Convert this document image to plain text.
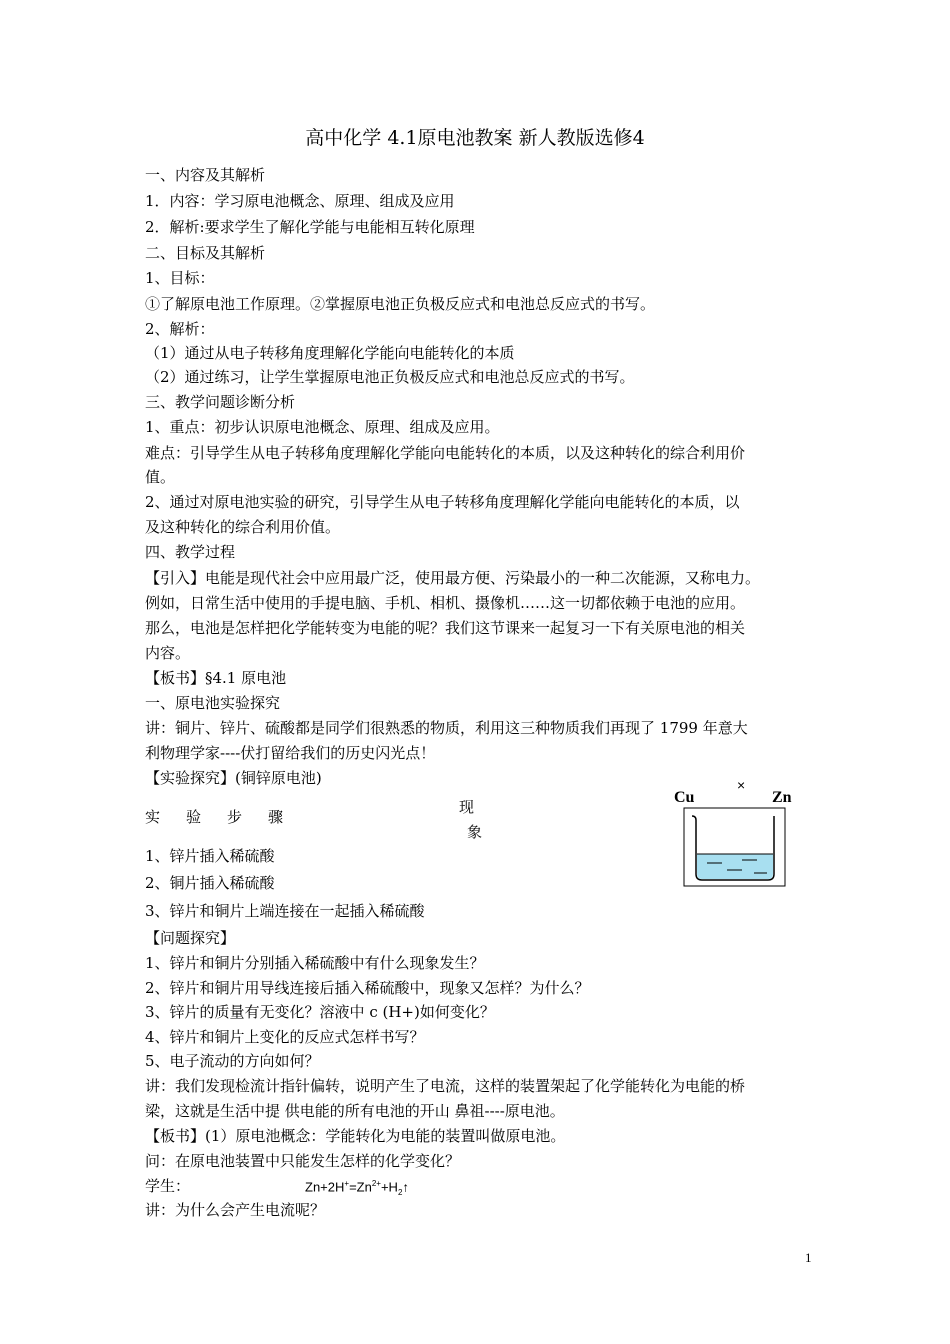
高中化学 4.1原电池教案 新人教版选修4
一、内容及其解析
1．内容：学习原电池概念、原理、组成及应用
2．解析:要求学生了解化学能与电能相互转化原理
二、目标及其解析
1、目标：
①了解原电池工作原理。②掌握原电池正负极反应式和电池总反应式的书写。
2、解析：
（1）通过从电子转移角度理解化学能向电能转化的本质
（2）通过练习，让学生掌握原电池正负极反应式和电池总反应式的书写。
三、教学问题诊断分析
1、重点：初步认识原电池概念、原理、组成及应用。
难点：引导学生从电子转移角度理解化学能向电能转化的本质，以及这种转化的综合利用价
值。
2、通过对原电池实验的研究，引导学生从电子转移角度理解化学能向电能转化的本质，以
及这种转化的综合利用价值。
四、教学过程
【引入】电能是现代社会中应用最广泛，使用最方便、污染最小的一种二次能源，又称电力。
例如，日常生活中使用的手提电脑、手机、相机、摄像机……这一切都依赖于电池的应用。
那么，电池是怎样把化学能转变为电能的呢？我们这节课来一起复习一下有关原电池的相关
内容。
【板书】§4.1 原电池
一、原电池实验探究
讲：铜片、锌片、硫酸都是同学们很熟悉的物质，利用这三种物质我们再现了 1799 年意大
利物理学家----伏打留给我们的历史闪光点！
【实验探究】(铜锌原电池)
实 验 步 骤
现
象
1、锌片插入稀硫酸
2、铜片插入稀硫酸
3、锌片和铜片上端连接在一起插入稀硫酸
×
Cu	Zn
【问题探究】
1、锌片和铜片分别插入稀硫酸中有什么现象发生？
2、锌片和铜片用导线连接后插入稀硫酸中，现象又怎样？为什么？
3、锌片的质量有无变化？溶液中 c (H+)如何变化？
4、锌片和铜片上变化的反应式怎样书写？
5、电子流动的方向如何？
讲：我们发现检流计指针偏转，说明产生了电流，这样的装置架起了化学能转化为电能的桥
梁，这就是生活中提 供电能的所有电池的开山 鼻祖----原电池。
【板书】(1）原电池概念：学能转化为电能的装置叫做原电池。
问：在原电池装置中只能发生怎样的化学变化？
学生：
讲：为什么会产生电流呢？
$Zn+2H^+=Zn^{2+}+H_2↑$
1
